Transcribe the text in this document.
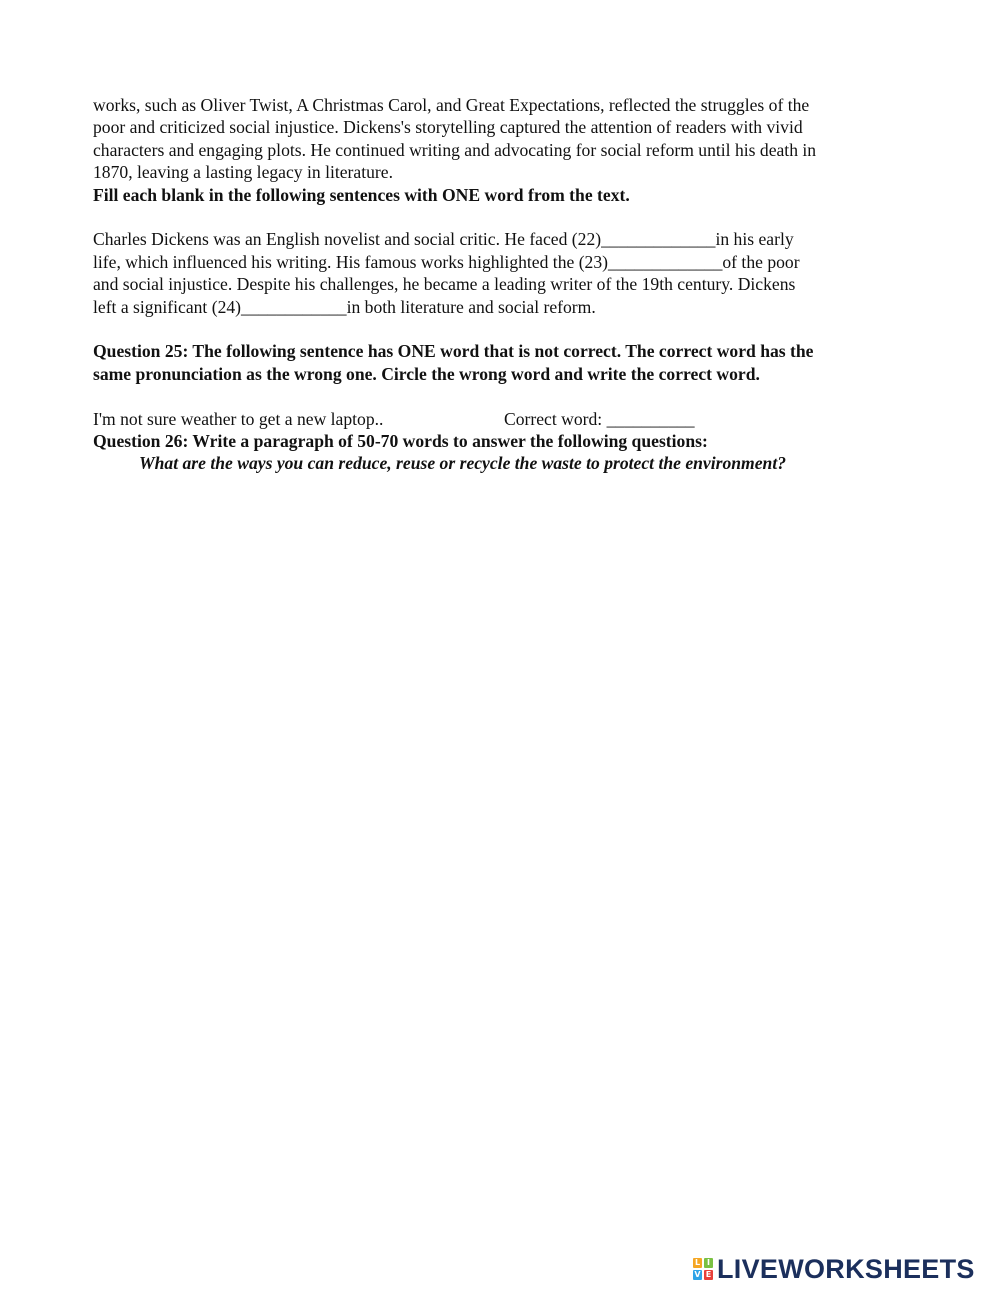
works, such as Oliver Twist, A Christmas Carol, and Great Expectations, reflected the struggles of the
poor and criticized social injustice. Dickens's storytelling captured the attention of readers with vivid
characters and engaging plots. He continued writing and advocating for social reform until his death in
1870, leaving a lasting legacy in literature.

Fill each blank in the following sentences with ONE word from the text.

Charles Dickens was an English novelist and social critic. He faced (22)_____________in his early
life, which influenced his writing. His famous works highlighted the (23)_____________of the poor
and social injustice. Despite his challenges, he became a leading writer of the 19th century. Dickens
left a significant (24)____________in both literature and social reform.

Question 25: The following sentence has ONE word that is not correct. The correct word has the
same pronunciation as the wrong one. Circle the wrong word and write the correct word.

I'm not sure weather to get a new laptop..	Correct word: __________

Question 26: Write a paragraph of 50-70 words to answer the following questions:
What are the ways you can reduce, reuse or recycle the waste to protect the environment?

L I
V E LIVEWORKSHEETS
